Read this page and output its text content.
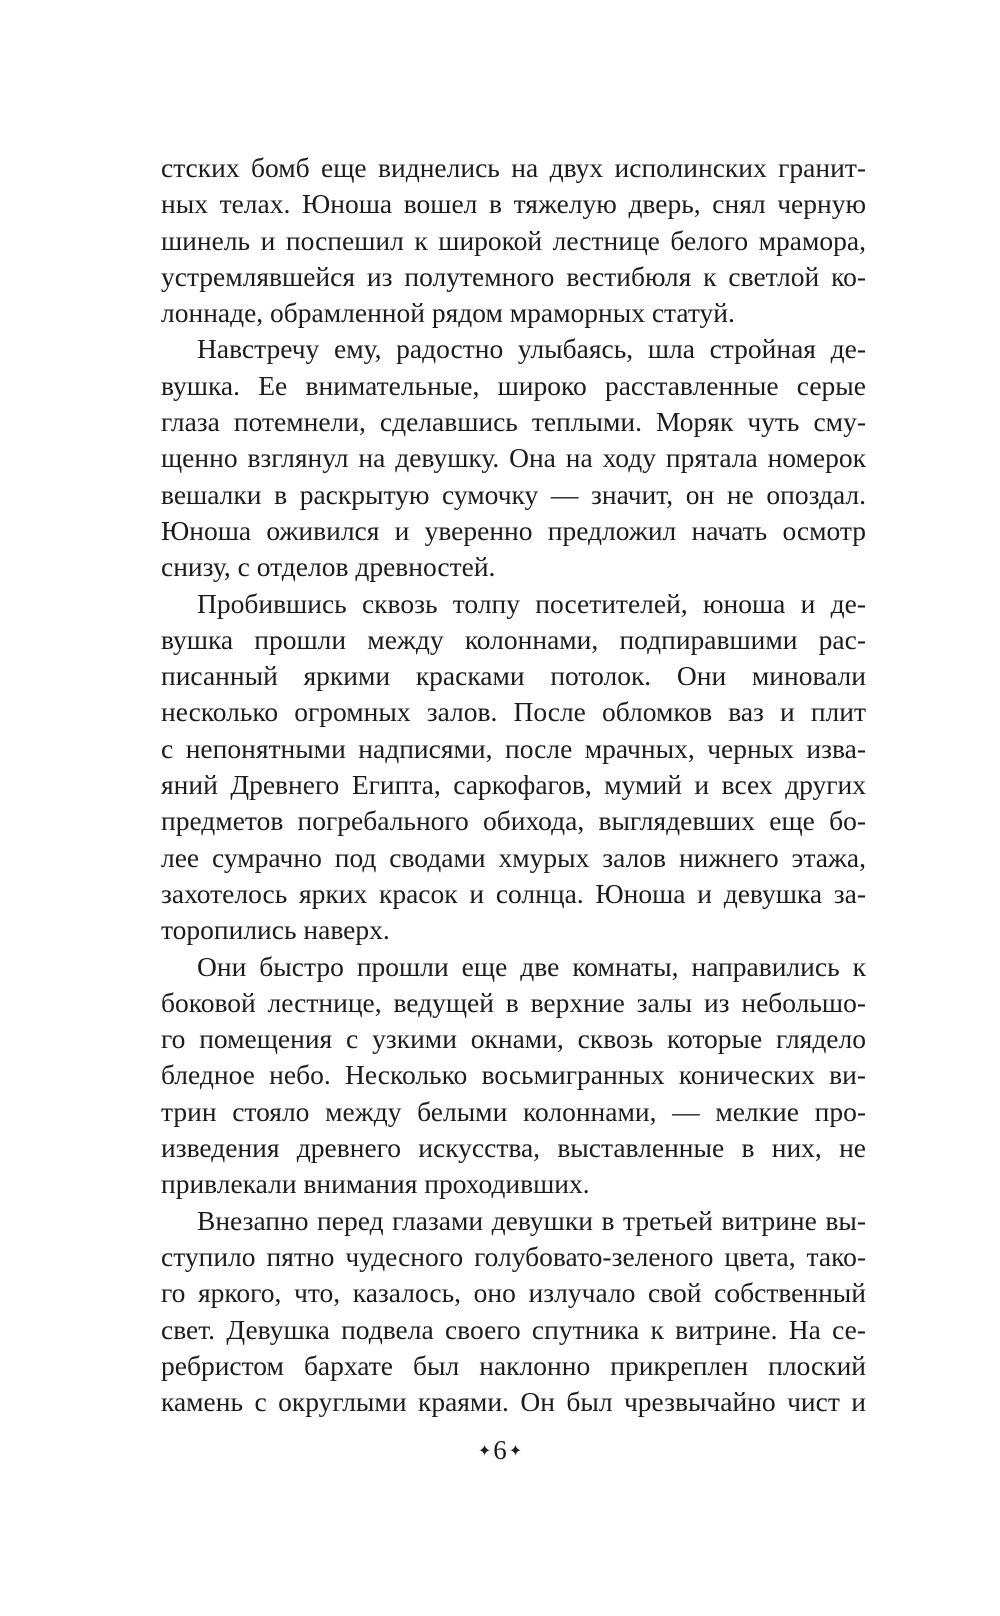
стских бомб еще виднелись на двух исполинских гранит-
ных телах. Юноша вошел в тяжелую дверь, снял черную
шинель и поспешил к широкой лестнице белого мрамора,
устремлявшейся из полутемного вестибюля к светлой ко-
лоннаде, обрамленной рядом мраморных статуй.
Навстречу ему, радостно улыбаясь, шла стройная де-
вушка. Ее внимательные, широко расставленные серые
глаза потемнели, сделавшись теплыми. Моряк чуть сму-
щенно взглянул на девушку. Она на ходу прятала номерок
вешалки в раскрытую сумочку — значит, он не опоздал.
Юноша оживился и уверенно предложил начать осмотр
снизу, с отделов древностей.
Пробившись сквозь толпу посетителей, юноша и де-
вушка прошли между колоннами, подпиравшими рас-
писанный яркими красками потолок. Они миновали
несколько огромных залов. После обломков ваз и плит
с непонятными надписями, после мрачных, черных изва-
яний Древнего Египта, саркофагов, мумий и всех других
предметов погребального обихода, выглядевших еще бо-
лее сумрачно под сводами хмурых залов нижнего этажа,
захотелось ярких красок и солнца. Юноша и девушка за-
торопились наверх.
Они быстро прошли еще две комнаты, направились к
боковой лестнице, ведущей в верхние залы из небольшо-
го помещения с узкими окнами, сквозь которые глядело
бледное небо. Несколько восьмигранных конических ви-
трин стояло между белыми колоннами, — мелкие про-
изведения древнего искусства, выставленные в них, не
привлекали внимания проходивших.
Внезапно перед глазами девушки в третьей витрине вы-
ступило пятно чудесного голубовато-зеленого цвета, тако-
го яркого, что, казалось, оно излучало свой собственный
свет. Девушка подвела своего спутника к витрине. На се-
ребристом бархате был наклонно прикреплен плоский
камень с округлыми краями. Он был чрезвычайно чист и
✦6 ✦
